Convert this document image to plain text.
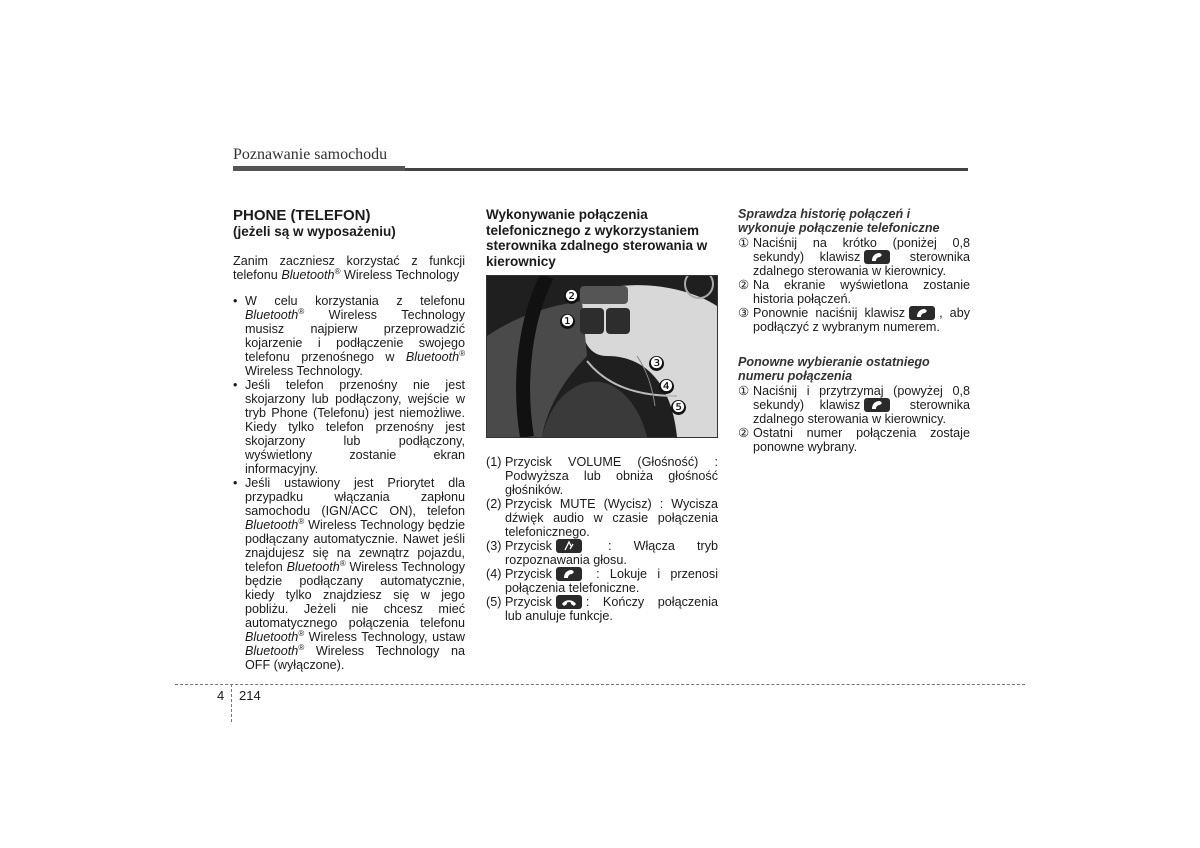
Poznawanie samochodu
PHONE (TELEFON)
(jeżeli są w wyposażeniu)

Zanim zaczniesz korzystać z funkcji telefonu Bluetooth® Wireless Technology

• W celu korzystania z telefonu Bluetooth® Wireless Technology musisz najpierw przeprowadzić kojarzenie i podłączenie swojego telefonu przenośnego w Bluetooth® Wireless Technology.
• Jeśli telefon przenośny nie jest skojarzony lub podłączony, wejście w tryb Phone (Telefonu) jest niemożliwe. Kiedy tylko telefon przenośny jest skojarzony lub podłączony, wyświetlony zostanie ekran informacyjny.
• Jeśli ustawiony jest Priorytet dla przypadku włączania zapłonu samochodu (IGN/ACC ON), telefon Bluetooth® Wireless Technology będzie podłączany automatycznie. Nawet jeśli znajdujesz się na zewnątrz pojazdu, telefon Bluetooth® Wireless Technology będzie podłączany automatycznie, kiedy tylko znajdziesz się w jego pobliżu. Jeżeli nie chcesz mieć automatycznego połączenia telefonu Bluetooth® Wireless Technology, ustaw Bluetooth® Wireless Technology na OFF (wyłączone).
Wykonywanie połączenia telefonicznego z wykorzystaniem sterownika zdalnego sterowania w kierownicy
❷
❶
❸
❹
❺
(1) Przycisk VOLUME (Głośność) : Podwyższa lub obniża głośność głośników.
(2) Przycisk MUTE (Wycisz) : Wycisza dźwięk audio w czasie połączenia telefonicznego.
(3) Przycisk	: Włącza tryb rozpoznawania głosu.
(4) Przycisk	: Lokuje i przenosi połączenia telefoniczne.
(5) Przycisk	: Kończy połączenia lub anuluje funkcje.
Sprawdza historię połączeń i wykonuje połączenie telefoniczne
① Naciśnij na krótko (poniżej 0,8 sekundy) klawisz	sterownika zdalnego sterowania w kierownicy.
② Na ekranie wyświetlona zostanie historia połączeń.
③ Ponownie naciśnij klawisz	, aby podłączyć z wybranym numerem.
Ponowne wybieranie ostatniego numeru połączenia
① Naciśnij i przytrzymaj (powyżej 0,8 sekundy) klawisz	sterownika zdalnego sterowania w kierownicy.
② Ostatni numer połączenia zostaje ponowne wybrany.
4 214
